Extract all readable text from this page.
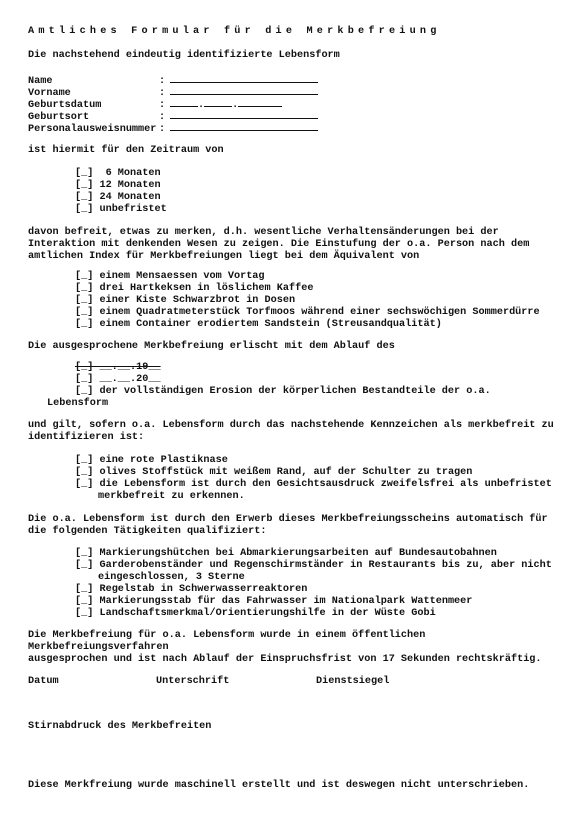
Amtliches Formular für die Merkbefreiung
Die nachstehend eindeutig identifizierte Lebensform
Name	:
Vorname	:
Geburtsdatum	:	.	.
Geburtsort	:
Personalausweisnummer :
ist hiermit für den Zeitraum von
[_]  6 Monaten
[_] 12 Monaten
[_] 24 Monaten
[_] unbefristet
davon befreit, etwas zu merken, d.h. wesentliche Verhaltensänderungen bei der
Interaktion mit denkenden Wesen zu zeigen. Die Einstufung der o.a. Person nach dem
amtlichen Index für Merkbefreiungen liegt bei dem Äquivalent von
[_] einem Mensaessen vom Vortag
[_] drei Hartkeksen in löslichem Kaffee
[_] einer Kiste Schwarzbrot in Dosen
[_] einem Quadratmeterstück Torfmoos während einer sechswöchigen Sommerdürre
[_] einem Container erodiertem Sandstein (Streusandqualität)
Die ausgesprochene Merkbefreiung erlischt mit dem Ablauf des
[_] __.__.19__
[_] __.__.20__
[_] der vollständigen Erosion der körperlichen Bestandteile der o.a.
Lebensform
und gilt, sofern o.a. Lebensform durch das nachstehende Kennzeichen als merkbefreit zu
identifizieren ist:
[_] eine rote Plastiknase
[_] olives Stoffstück mit weißem Rand, auf der Schulter zu tragen
[_] die Lebensform ist durch den Gesichtsausdruck zweifelsfrei als unbefristet
merkbefreit zu erkennen.
Die o.a. Lebensform ist durch den Erwerb dieses Merkbefreiungsscheins automatisch für
die folgenden Tätigkeiten qualifiziert:
[_] Markierungshütchen bei Abmarkierungsarbeiten auf Bundesautobahnen
[_] Garderobenständer und Regenschirmständer in Restaurants bis zu, aber nicht
eingeschlossen, 3 Sterne
[_] Regelstab in Schwerwasserreaktoren
[_] Markierungsstab für das Fahrwasser im Nationalpark Wattenmeer
[_] Landschaftsmerkmal/Orientierungshilfe in der Wüste Gobi
Die Merkbefreiung für o.a. Lebensform wurde in einem öffentlichen
Merkbefreiungsverfahren
ausgesprochen und ist nach Ablauf der Einspruchsfrist von 17 Sekunden rechtskräftig.
Datum	Unterschrift	Dienstsiegel
Stirnabdruck des Merkbefreiten
Diese Merkfreiung wurde maschinell erstellt und ist deswegen nicht unterschrieben.
